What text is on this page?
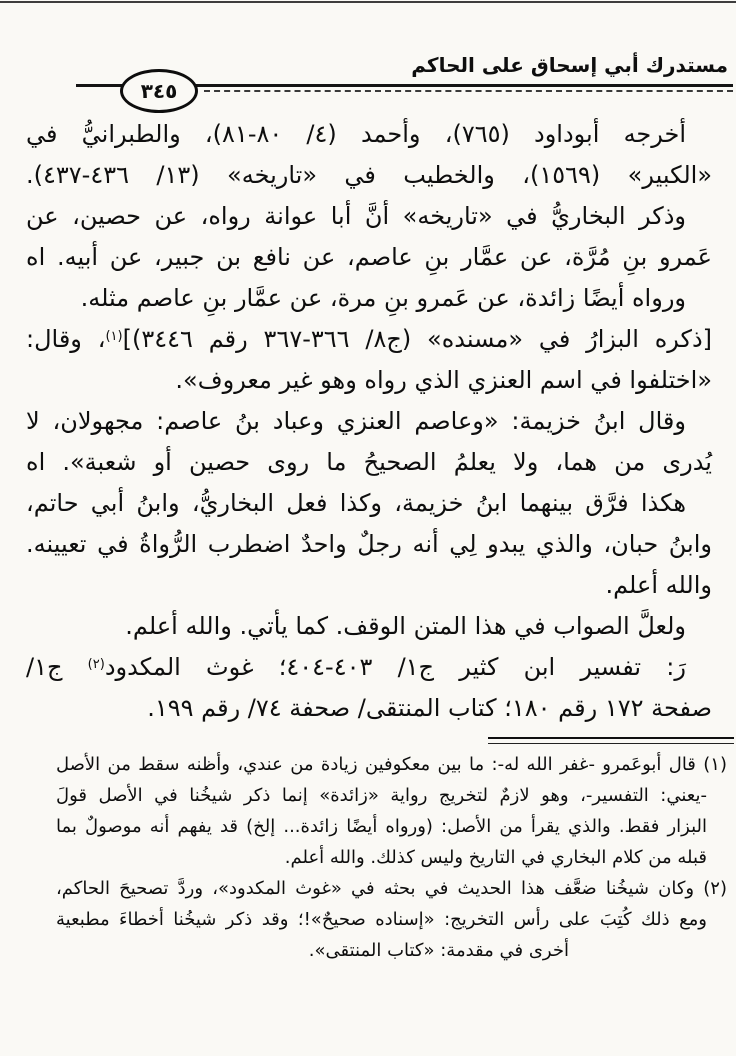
مستدرك أبي إسحاق على الحاكم
٣٤٥
أخرجه أبوداود (٧٦٥)، وأحمد (٤/ ٨٠-٨١)، والطبرانيُّ في
«الكبير» (١٥٦٩)، والخطيب في «تاريخه» (١٣/ ٤٣٦-٤٣٧).
وذكر البخاريُّ في «تاريخه» أنَّ أبا عوانة رواه، عن حصين، عن
عَمرو بنِ مُرَّة، عن عمَّار بنِ عاصم، عن نافع بن جبير، عن أبيه. اه
ورواه أيضًا زائدة، عن عَمرو بنِ مرة، عن عمَّار بنِ عاصم مثله.
[ذكره البزارُ في «مسنده» (ج٨/ ٣٦٦-٣٦٧ رقم ٣٤٤٦)]$^{(١)}$، وقال:
«اختلفوا في اسم العنزي الذي رواه وهو غير معروف».
وقال ابنُ خزيمة: «وعاصم العنزي وعباد بنُ عاصم: مجهولان، لا
يُدرى من هما، ولا يعلمُ الصحيحُ ما روى حصين أو شعبة». اه
هكذا فرَّق بينهما ابنُ خزيمة، وكذا فعل البخاريُّ، وابنُ أبي حاتم،
وابنُ حبان، والذي يبدو لِي أنه رجلٌ واحدٌ اضطرب الرُّواةُ في تعيينه.
والله أعلم.
ولعلَّ الصواب في هذا المتن الوقف. كما يأتي. والله أعلم.
رَ: تفسير ابن كثير ج١/ ٤٠٣-٤٠٤؛ غوث المكدود$^{(٢)}$ ج١/
صفحة ١٧٢ رقم ١٨٠؛ كتاب المنتقى/ صحفة ٧٤/ رقم ١٩٩.
(١) قال أبوعَمرو -غفر الله له-: ما بين معكوفين زيادة من عندي، وأظنه سقط من الأصل
-يعني: التفسير-، وهو لازمٌ لتخريج رواية «زائدة» إنما ذكر شيخُنا في الأصل قولَ
البزار فقط. والذي يقرأ من الأصل: (ورواه أيضًا زائدة... إلخ) قد يفهم أنه موصولٌ بما
قبله من كلام البخاري في التاريخ وليس كذلك. والله أعلم.
(٢) وكان شيخُنا ضعَّف هذا الحديث في بحثه في «غوث المكدود»، وردَّ تصحيحَ الحاكم،
ومع ذلك كُتِبَ على رأس التخريج: «إسناده صحيحٌ»!؛ وقد ذكر شيخُنا أخطاءَ مطبعية
أخرى في مقدمة: «كتاب المنتقى».
